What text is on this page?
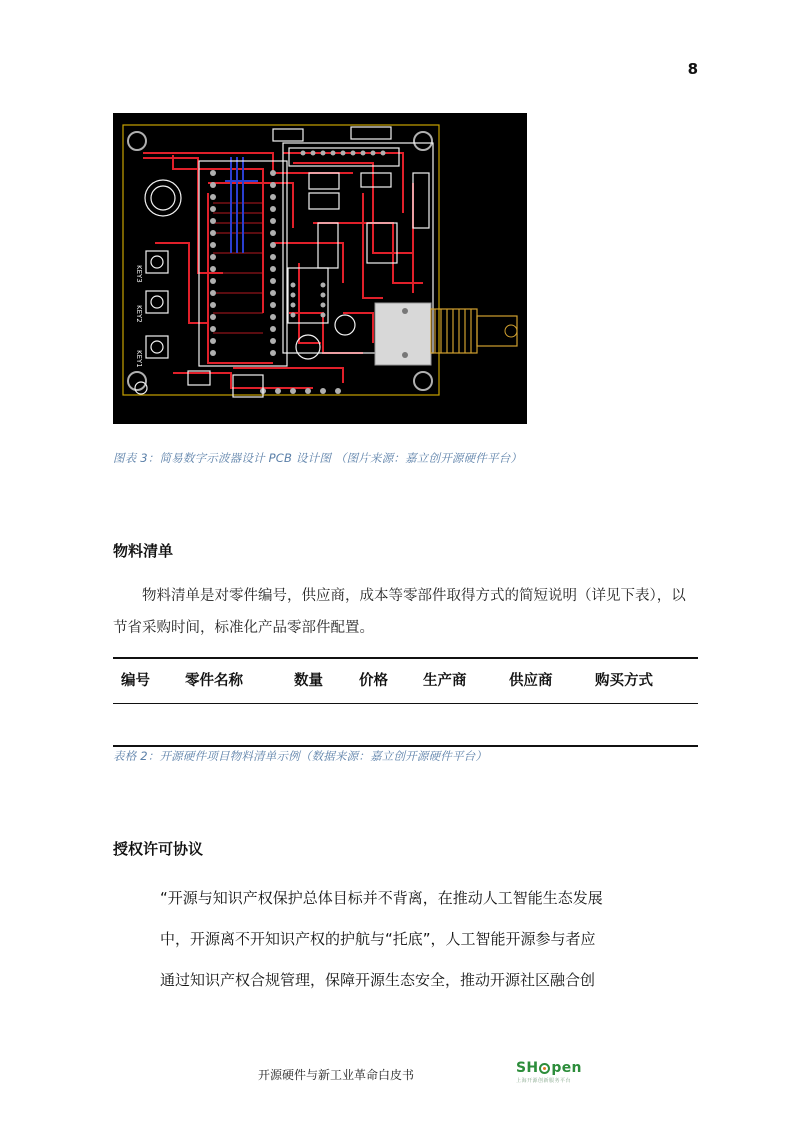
8
KEY3
KEY2
KEY1
图表 3：简易数字示波器设计 PCB 设计图 （图片来源：嘉立创开源硬件平台）
物料清单
物料清单是对零件编号，供应商，成本等零部件取得方式的简短说明（详见下表），以节省采购时间，标准化产品零部件配置。
编号 零件名称	数量 价格 生产商	供应商	购买方式
表格 2：开源硬件项目物料清单示例（数据来源：嘉立创开源硬件平台）
授权许可协议
“开源与知识产权保护总体目标并不背离，在推动人工智能生态发展
中，开源离不开知识产权的护航与“托底”，人工智能开源参与者应
通过知识产权合规管理，保障开源生态安全，推动开源社区融合创
开源硬件与新工业革命白皮书	SH pen
上海开源创新服务平台
